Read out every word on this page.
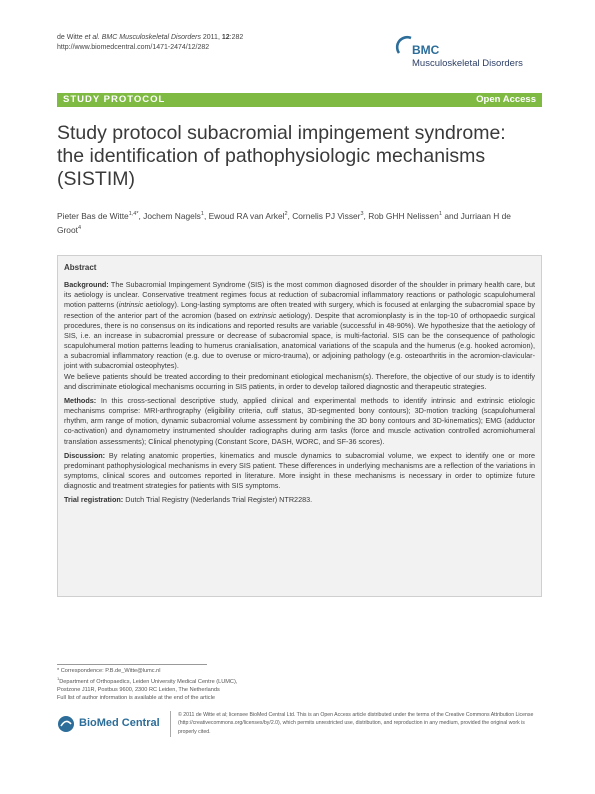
de Witte et al. BMC Musculoskeletal Disorders 2011, 12:282
http://www.biomedcentral.com/1471-2474/12/282	BMC
Musculoskeletal Disorders
STUDY PROTOCOL	Open Access
Study protocol subacromial impingement syndrome: the identification of pathophysiologic mechanisms (SISTIM)
Pieter Bas de Witte$^{1,4*}$, Jochem Nagels$^1$, Ewoud RA van Arkel$^2$, Cornelis PJ Visser$^3$, Rob GHH Nelissen$^1$ and Jurriaan H de Groot$^4$
Abstract

Background: The Subacromial Impingement Syndrome (SIS) is the most common diagnosed disorder of the shoulder in primary health care, but its aetiology is unclear. Conservative treatment regimes focus at reduction of subacromial inflammatory reactions or pathologic scapulohumeral motion patterns (intrinsic aetiology). Long-lasting symptoms are often treated with surgery, which is focused at enlarging the subacromial space by resection of the anterior part of the acromion (based on extrinsic aetiology). Despite that acromionplasty is in the top-10 of orthopaedic surgical procedures, there is no consensus on its indications and reported results are variable (successful in 48-90%). We hypothesize that the aetiology of SIS, i.e. an increase in subacromial pressure or decrease of subacromial space, is multi-factorial. SIS can be the consequence of pathologic scapulohumeral motion patterns leading to humerus cranialisation, anatomical variations of the scapula and the humerus (e.g. hooked acromion), a subacromial inflammatory reaction (e.g. due to overuse or micro-trauma), or adjoining pathology (e.g. osteoarthritis in the acromion-clavicular-joint with subacromial osteophytes).
We believe patients should be treated according to their predominant etiological mechanism(s). Therefore, the objective of our study is to identify and discriminate etiological mechanisms occurring in SIS patients, in order to develop tailored diagnostic and therapeutic strategies.

Methods: In this cross-sectional descriptive study, applied clinical and experimental methods to identify intrinsic and extrinsic etiologic mechanisms comprise: MRI-arthrography (eligibility criteria, cuff status, 3D-segmented bony contours); 3D-motion tracking (scapulohumeral rhythm, arm range of motion, dynamic subacromial volume assessment by combining the 3D bony contours and 3D-kinematics); EMG (adductor co-activation) and dynamometry instrumented shoulder radiographs during arm tasks (force and muscle activation controlled acromiohumeral translation assessments); Clinical phenotyping (Constant Score, DASH, WORC, and SF-36 scores).

Discussion: By relating anatomic properties, kinematics and muscle dynamics to subacromial volume, we expect to identify one or more predominant pathophysiological mechanisms in every SIS patient. These differences in underlying mechanisms are a reflection of the variations in symptoms, clinical scores and outcomes reported in literature. More insight in these mechanisms is necessary in order to optimize future diagnostic and treatment strategies for patients with SIS symptoms.

Trial registration: Dutch Trial Registry (Nederlands Trial Register) NTR2283.

* Correspondence: P.B.de_Witte@lumc.nl
$^1$Department of Orthopaedics, Leiden University Medical Centre (LUMC),
Postzone J11R, Postbus 9600, 2300 RC Leiden, The Netherlands
Full list of author information is available at the end of the article
BioMed Central
© 2011 de Witte et al; licensee BioMed Central Ltd. This is an Open Access article distributed under the terms of the Creative Commons Attribution License (http://creativecommons.org/licenses/by/2.0), which permits unrestricted use, distribution, and reproduction in any medium, provided the original work is properly cited.
